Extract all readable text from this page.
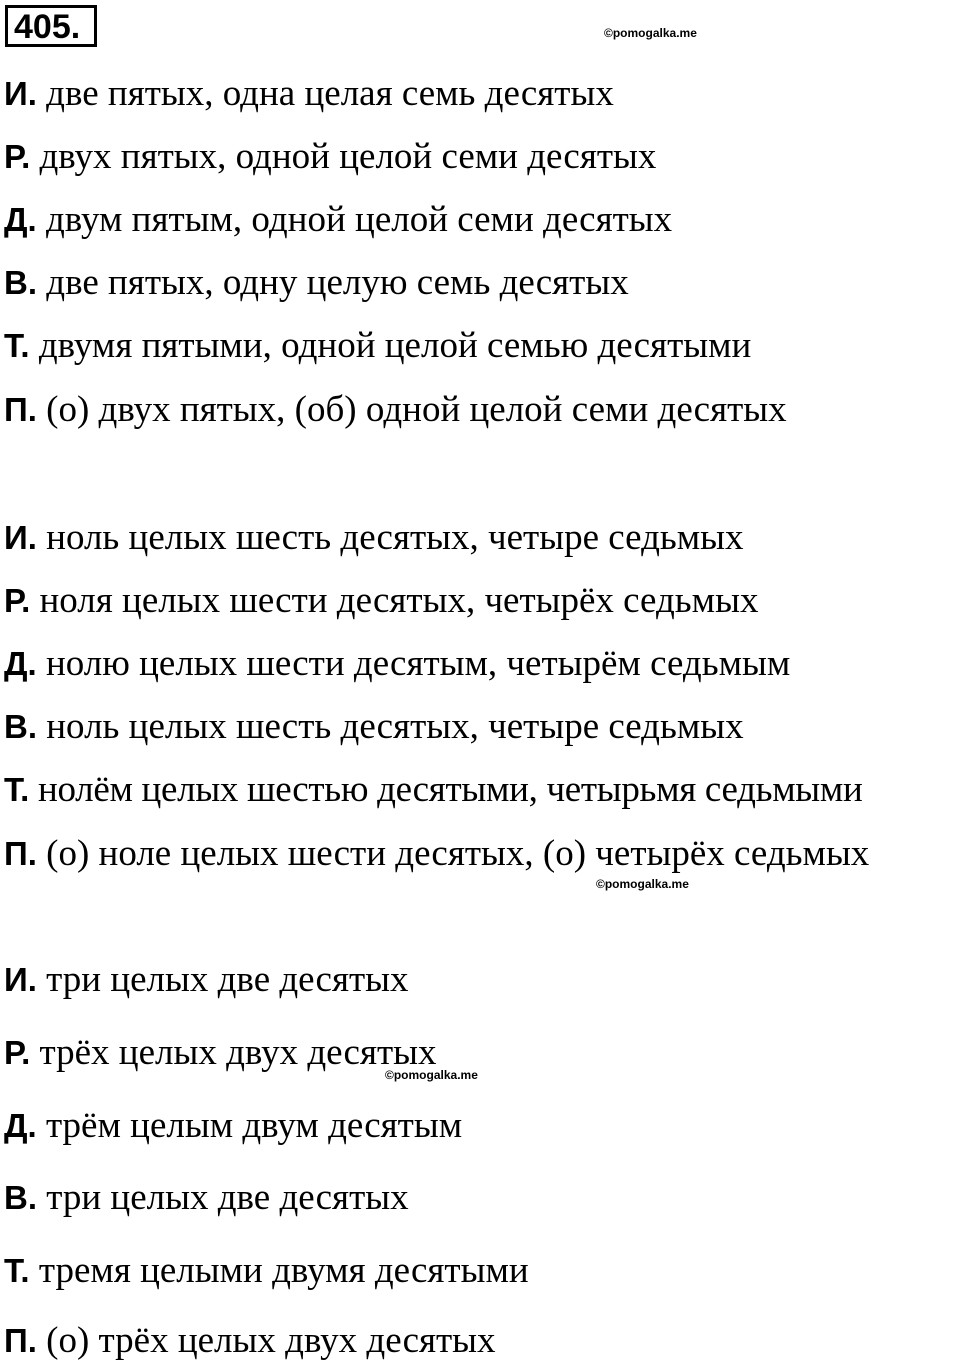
405.	©pomogalka.me
И. две пятых, одна целая семь десятых
Р. двух пятых, одной целой семи десятых
Д. двум пятым, одной целой семи десятых
В. две пятых, одну целую семь десятых
Т. двумя пятыми, одной целой семью десятыми
П. (о) двух пятых, (об) одной целой семи десятых
И. ноль целых шесть десятых, четыре седьмых
Р. ноля целых шести десятых, четырёх седьмых
Д. нолю целых шести десятым, четырём седьмым
В. ноль целых шесть десятых, четыре седьмых
Т. нолём целых шестью десятыми, четырьмя седьмыми
П. (о) ноле целых шести десятых, (о) четырёх седьмых
©pomogalka.me
И. три целых две десятых
Р. трёх целых двух десятых
©pomogalka.me
Д. трём целым двум десятым
В. три целых две десятых
Т. тремя целыми двумя десятыми
П. (о) трёх целых двух десятых
